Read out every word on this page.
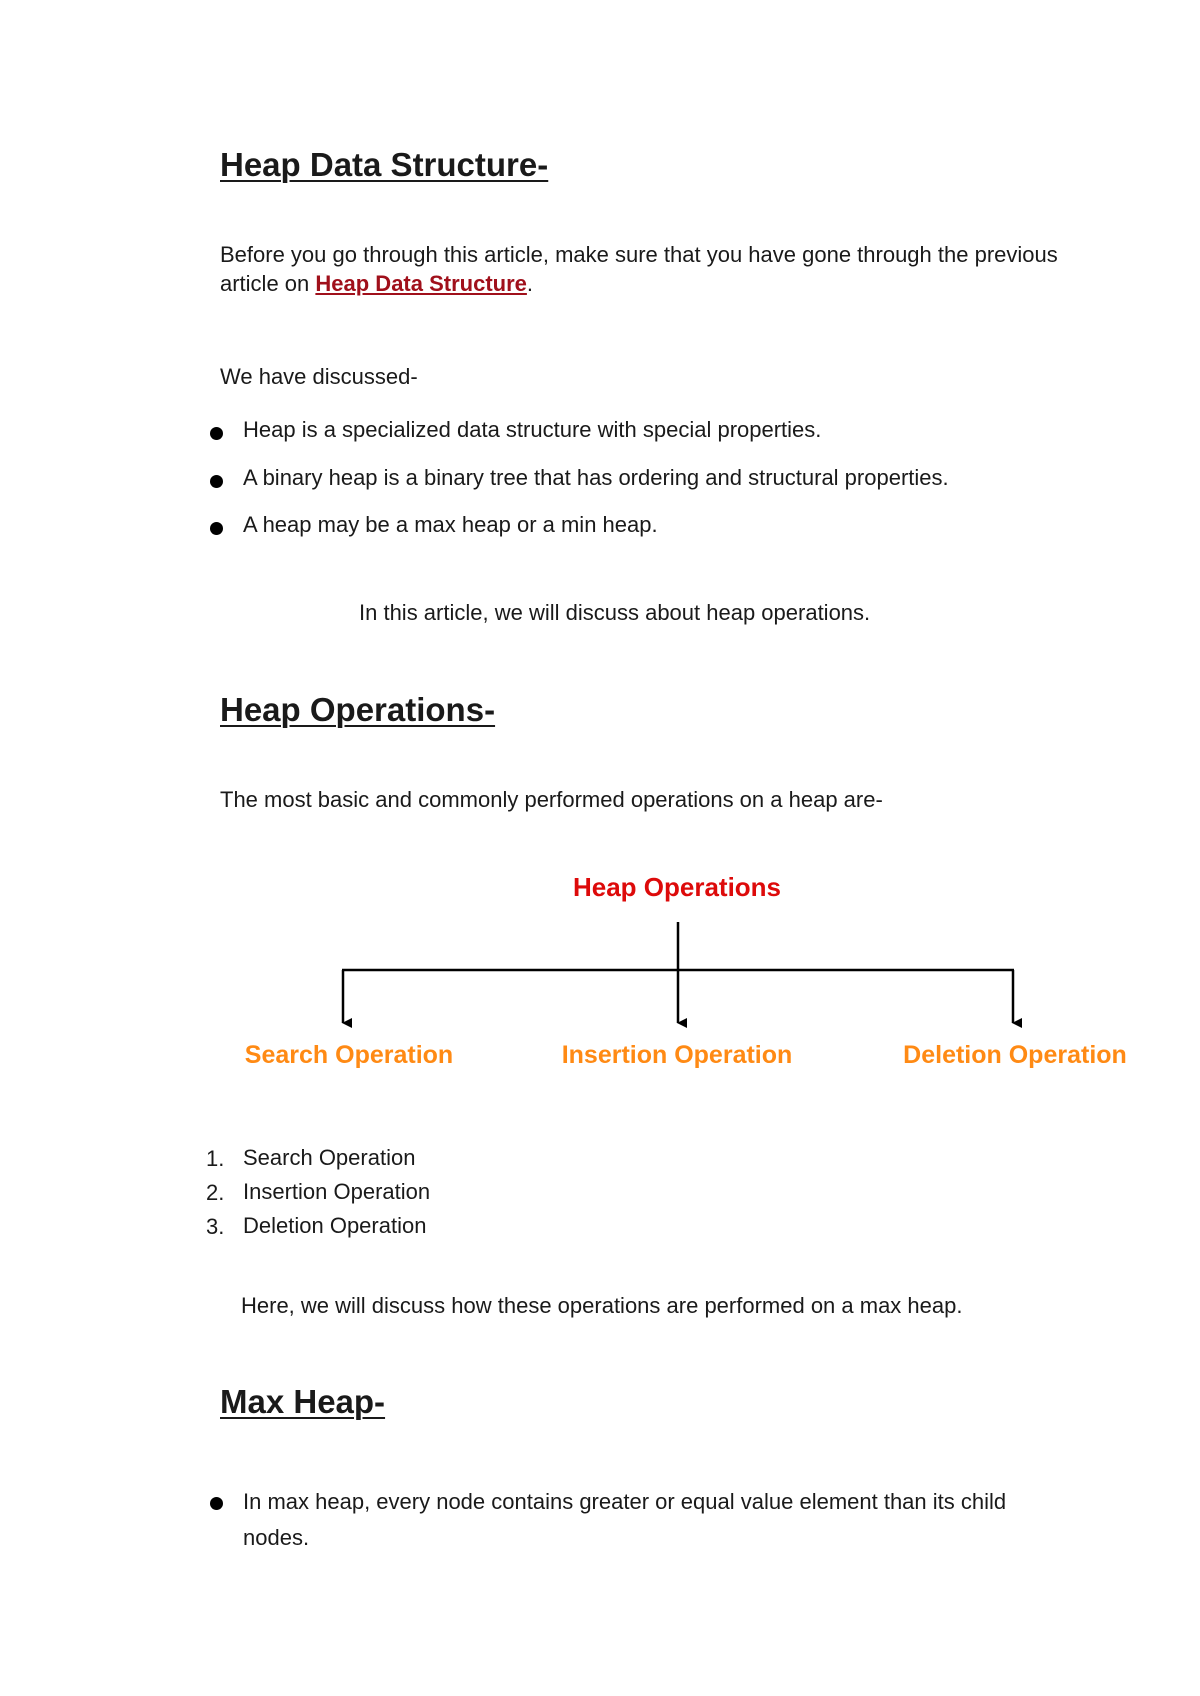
Heap Data Structure-

Before you go through this article, make sure that you have gone through the previous article on Heap Data Structure.

We have discussed-

Heap is a specialized data structure with special properties.

A binary heap is a binary tree that has ordering and structural properties.

A heap may be a max heap or a min heap.

In this article, we will discuss about heap operations.

Heap Operations-

The most basic and commonly performed operations on a heap are-

Heap Operations
Search Operation	Insertion Operation	Deletion Operation
1. Search Operation
2. Insertion Operation
3. Deletion Operation

Here, we will discuss how these operations are performed on a max heap.

Max Heap-

In max heap, every node contains greater or equal value element than its child nodes.
